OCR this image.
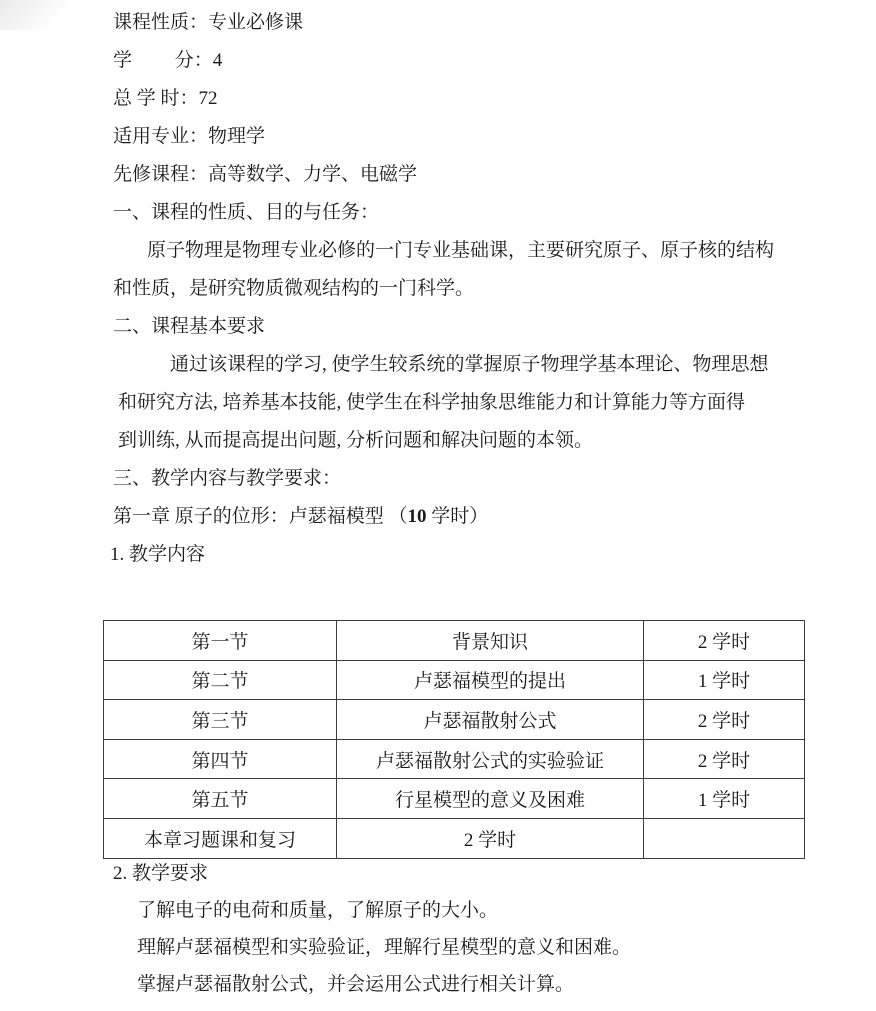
课程性质：专业必修课

学　　 分：4

总 学 时：72

适用专业：物理学

先修课程：高等数学、力学、电磁学

一、课程的性质、目的与任务：

原子物理是物理专业必修的一门专业基础课，主要研究原子、原子核的结构

和性质，是研究物质微观结构的一门科学。

二、课程基本要求

通过该课程的学习, 使学生较系统的掌握原子物理学基本理论、物理思想

和研究方法, 培养基本技能, 使学生在科学抽象思维能力和计算能力等方面得

到训练, 从而提高提出问题, 分析问题和解决问题的本领。

三、教学内容与教学要求：

第一章 原子的位形：卢瑟福模型 （10 学时）

1. 教学内容

第一节	背景知识	2 学时
第二节	卢瑟福模型的提出	1 学时
第三节	卢瑟福散射公式	2 学时
第四节	卢瑟福散射公式的实验验证	2 学时
第五节	行星模型的意义及困难	1 学时
本章习题课和复习	2 学时	

2. 教学要求

了解电子的电荷和质量，了解原子的大小。

理解卢瑟福模型和实验验证，理解行星模型的意义和困难。

掌握卢瑟福散射公式，并会运用公式进行相关计算。
